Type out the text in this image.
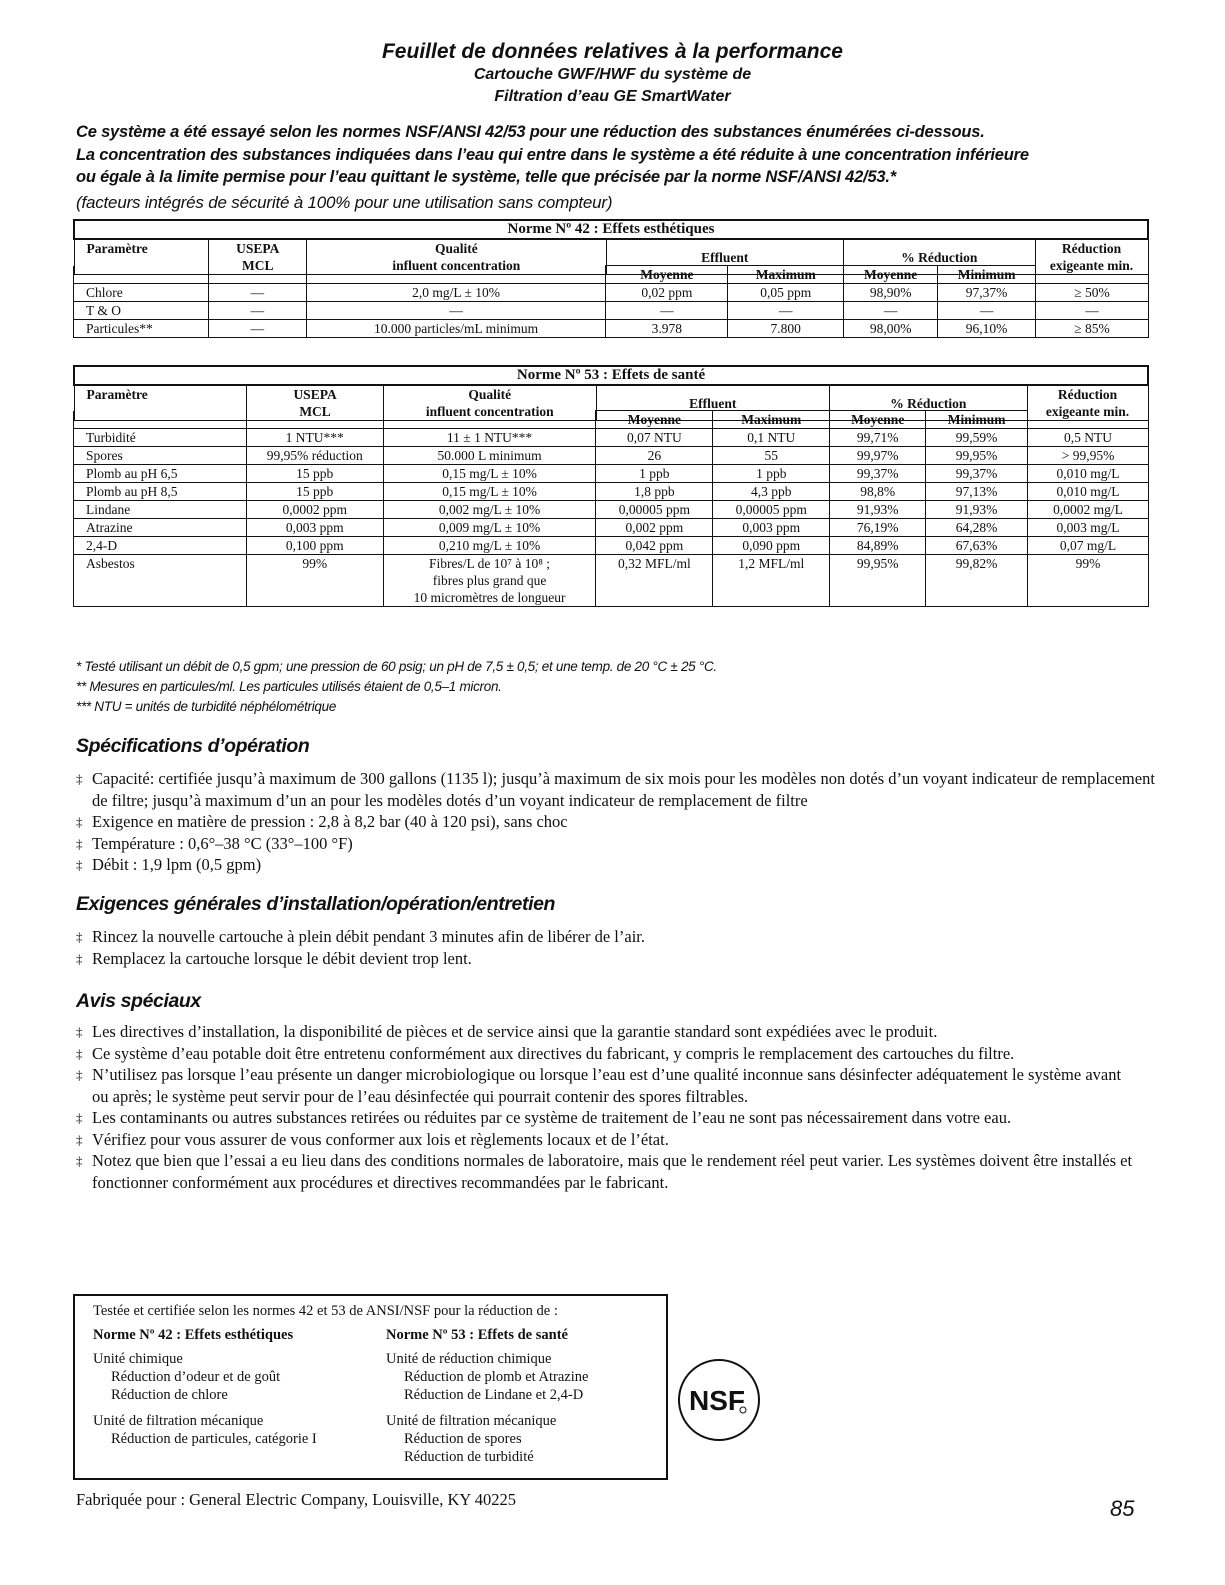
Feuillet de données relatives à la performance
Cartouche GWF/HWF du système de
Filtration d’eau GE SmartWater
Ce système a été essayé selon les normes NSF/ANSI 42/53 pour une réduction des substances énumérées ci-dessous.
La concentration des substances indiquées dans l’eau qui entre dans le système a été réduite à une concentration inférieure
ou égale à la limite permise pour l’eau quittant le système, telle que précisée par la norme NSF/ANSI 42/53.*
(facteurs intégrés de sécurité à 100% pour une utilisation sans compteur)
Norme Nº 42 : Effets esthétiques
Paramètre	USEPA
MCL

Qualité
influent concentration

Effluent	% Réduction

Réduction
exigeante min.
			Moyenne	Maximum	Moyenne	Minimum	
Chlore	—	2,0 mg/L ± 10%	0,02 ppm	0,05 ppm	98,90%	97,37%	≥ 50%
T & O	—	—	—	—	—	—	—
Particules**	—	10.000 particles/mL minimum	3.978	7.800	98,00%	96,10%	≥ 85%
Norme Nº 53 : Effets de santé
Paramètre	USEPA
MCL

Qualité
influent concentration

Effluent	% Réduction

Réduction
exigeante min.
			Moyenne	Maximum	Moyenne	Minimum	
Turbidité	1 NTU***	11 ± 1 NTU***	0,07 NTU	0,1 NTU	99,71%	99,59%	0,5 NTU
Spores	99,95% réduction	50.000 L minimum	26	55	99,97%	99,95%	> 99,95%
Plomb au pH 6,5	15 ppb	0,15 mg/L ± 10%	1 ppb	1 ppb	99,37%	99,37%	0,010 mg/L
Plomb au pH 8,5	15 ppb	0,15 mg/L ± 10%	1,8 ppb	4,3 ppb	98,8%	97,13%	0,010 mg/L
Lindane	0,0002 ppm	0,002 mg/L ± 10%	0,00005 ppm	0,00005 ppm	91,93%	91,93%	0,0002 mg/L
Atrazine	0,003 ppm	0,009 mg/L ± 10%	0,002 ppm	0,003 ppm	76,19%	64,28%	0,003 mg/L
2,4-D	0,100 ppm	0,210 mg/L ± 10%	0,042 ppm	0,090 ppm	84,89%	67,63%	0,07 mg/L
Asbestos	99%	Fibres/L de 10⁷ à 10⁸ ;
fibres plus grand que
10 micromètres de longueur	0,32 MFL/ml	1,2 MFL/ml	99,95%	99,82%	99%
* Testé utilisant un débit de 0,5 gpm; une pression de 60 psig; un pH de 7,5 ± 0,5; et une temp. de 20 °C ± 25 °C.
** Mesures en particules/ml. Les particules utilisés étaient de 0,5–1 micron.
*** NTU = unités de turbidité néphélométrique
Spécifications d’opération
‡ Capacité: certifiée jusqu’à maximum de 300 gallons (1135 l); jusqu’à maximum de six mois pour les modèles non dotés d’un voyant indicateur de remplacement de filtre; jusqu’à maximum d’un an pour les modèles dotés d’un voyant indicateur de remplacement de filtre
‡ Exigence en matière de pression : 2,8 à 8,2 bar (40 à 120 psi), sans choc
‡ Température : 0,6°–38 °C (33°–100 °F)
‡ Débit : 1,9 lpm (0,5 gpm)
Exigences générales d’installation/opération/entretien
‡ Rincez la nouvelle cartouche à plein débit pendant 3 minutes afin de libérer de l’air.
‡ Remplacez la cartouche lorsque le débit devient trop lent.
Avis spéciaux
‡ Les directives d’installation, la disponibilité de pièces et de service ainsi que la garantie standard sont expédiées avec le produit.
‡ Ce système d’eau potable doit être entretenu conformément aux directives du fabricant, y compris le remplacement des cartouches du filtre.
‡ N’utilisez pas lorsque l’eau présente un danger microbiologique ou lorsque l’eau est d’une qualité inconnue sans désinfecter adéquatement le système avant ou après; le système peut servir pour de l’eau désinfectée qui pourrait contenir des spores filtrables.
‡ Les contaminants ou autres substances retirées ou réduites par ce système de traitement de l’eau ne sont pas nécessairement dans votre eau.
‡ Vérifiez pour vous assurer de vous conformer aux lois et règlements locaux et de l’état.
‡ Notez que bien que l’essai a eu lieu dans des conditions normales de laboratoire, mais que le rendement réel peut varier. Les systèmes doivent être installés et fonctionner conformément aux procédures et directives recommandées par le fabricant.
Testée et certifiée selon les normes 42 et 53 de ANSI/NSF pour la réduction de :
Norme Nº 42 : Effets esthétiques
Unité chimique
Réduction d’odeur et de goût
Réduction de chlore
Unité de filtration mécanique
Réduction de particules, catégorie I
Norme Nº 53 : Effets de santé
Unité de réduction chimique
Réduction de plomb et Atrazine
Réduction de Lindane et 2,4-D
Unité de filtration mécanique
Réduction de spores
Réduction de turbidité
NSF
Fabriquée pour : General Electric Company, Louisville, KY 40225	85
